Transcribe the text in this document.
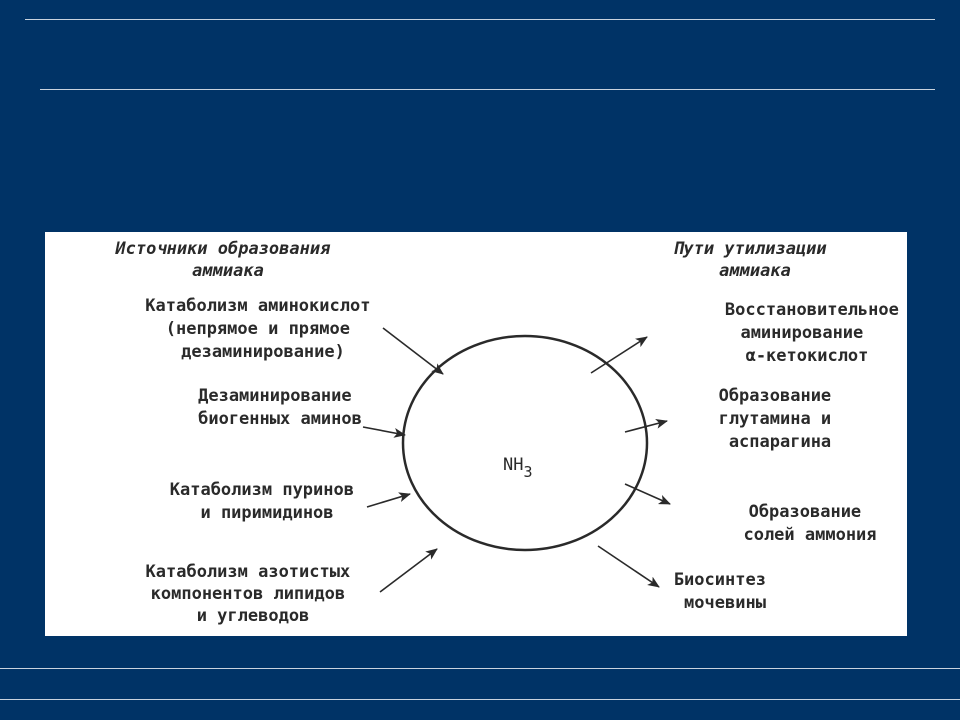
Источники образования аммиака
Пути утилизации аммиака
NH3
Катаболизм аминокислот (непрямое и прямое дезаминирование)
Дезаминирование биогенных аминов
Катаболизм пуринов и пиримидинов
Катаболизм азотистых компонентов липидов и углеводов
Восстановительное аминирование α-кетокислот
Образование глутамина и аспарагина
Образование солей аммония
Биосинтез мочевины
